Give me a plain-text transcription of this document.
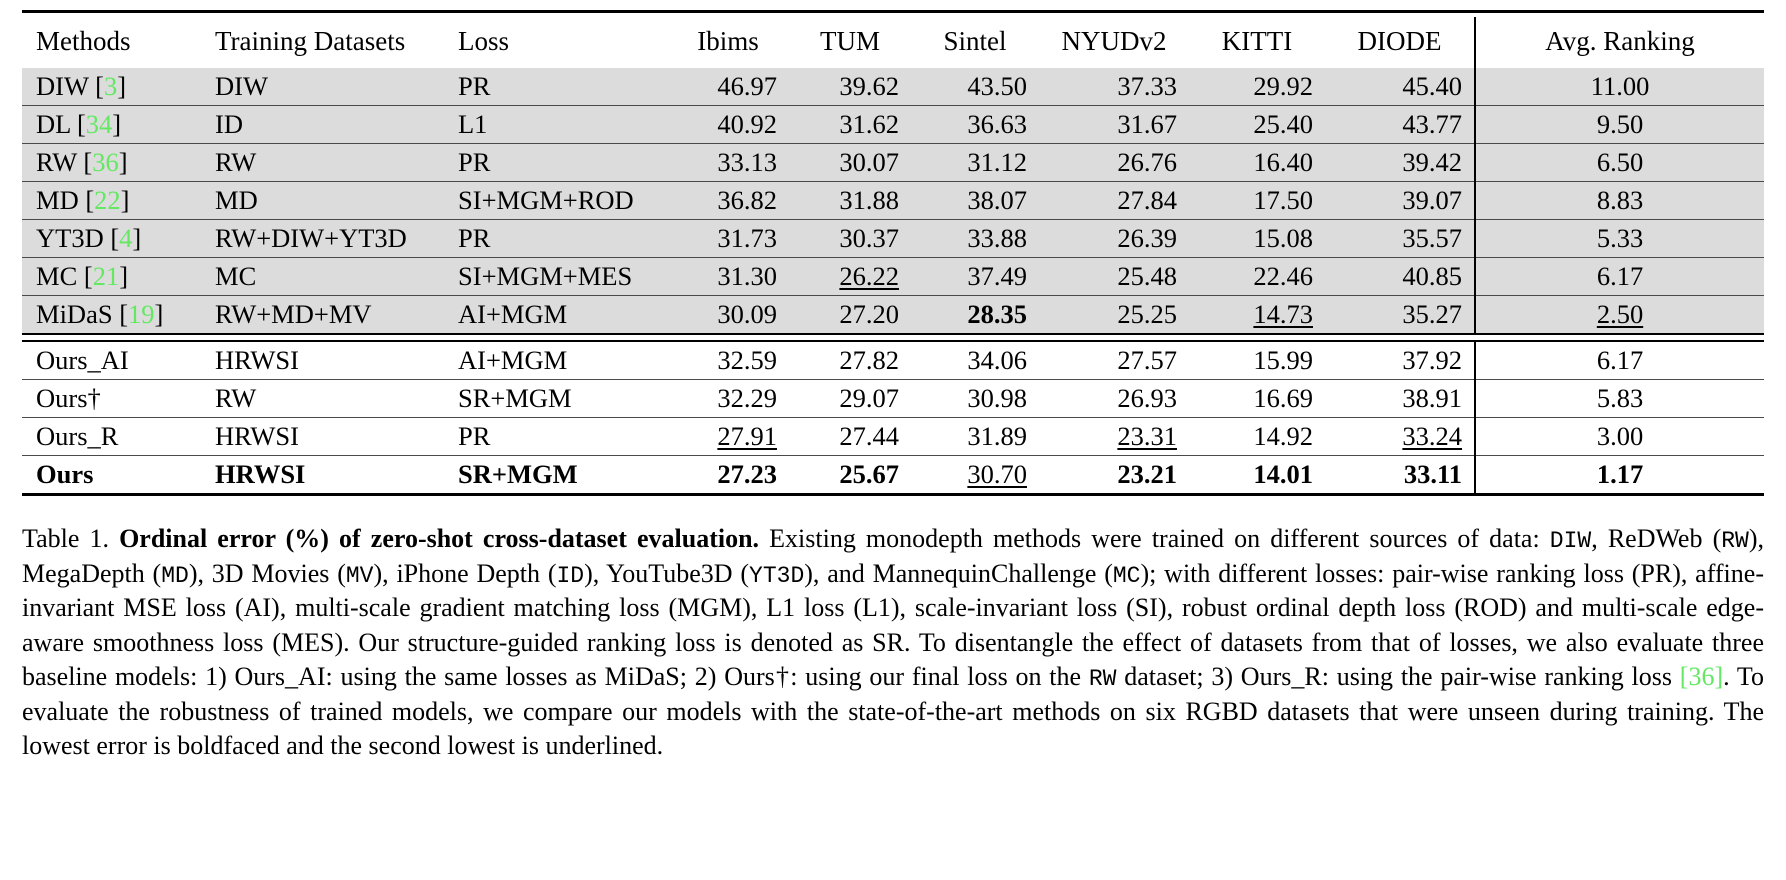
Methods	Training Datasets	Loss	Ibims	TUM	Sintel	NYUDv2	KITTI	DIODE	Avg. Ranking
DIW [3]	DIW	PR	46.97	39.62	43.50	37.33	29.92	45.40	11.00
DL [34]	ID	L1	40.92	31.62	36.63	31.67	25.40	43.77	9.50
RW [36]	RW	PR	33.13	30.07	31.12	26.76	16.40	39.42	6.50
MD [22]	MD	SI+MGM+ROD	36.82	31.88	38.07	27.84	17.50	39.07	8.83
YT3D [4]	RW+DIW+YT3D	PR	31.73	30.37	33.88	26.39	15.08	35.57	5.33
MC [21]	MC	SI+MGM+MES	31.30	26.22	37.49	25.48	22.46	40.85	6.17
MiDaS [19]	RW+MD+MV	AI+MGM	30.09	27.20	28.35	25.25	14.73	35.27	2.50

Ours_AI	HRWSI	AI+MGM	32.59	27.82	34.06	27.57	15.99	37.92	6.17
Ours†	RW	SR+MGM	32.29	29.07	30.98	26.93	16.69	38.91	5.83
Ours_R	HRWSI	PR	27.91	27.44	31.89	23.31	14.92	33.24	3.00
Ours	HRWSI	SR+MGM	27.23	25.67	30.70	23.21	14.01	33.11	1.17

Table 1. Ordinal error (%) of zero-shot cross-dataset evaluation. Existing monodepth methods were trained on different sources of data: DIW, ReDWeb (RW), MegaDepth (MD), 3D Movies (MV), iPhone Depth (ID), YouTube3D (YT3D), and MannequinChallenge (MC); with different losses: pair-wise ranking loss (PR), affine-invariant MSE loss (AI), multi-scale gradient matching loss (MGM), L1 loss (L1), scale-invariant loss (SI), robust ordinal depth loss (ROD) and multi-scale edge-aware smoothness loss (MES). Our structure-guided ranking loss is denoted as SR. To disentangle the effect of datasets from that of losses, we also evaluate three baseline models: 1) Ours_AI: using the same losses as MiDaS; 2) Ours†: using our final loss on the RW dataset; 3) Ours_R: using the pair-wise ranking loss [36]. To evaluate the robustness of trained models, we compare our models with the state-of-the-art methods on six RGBD datasets that were unseen during training. The lowest error is boldfaced and the second lowest is underlined.
